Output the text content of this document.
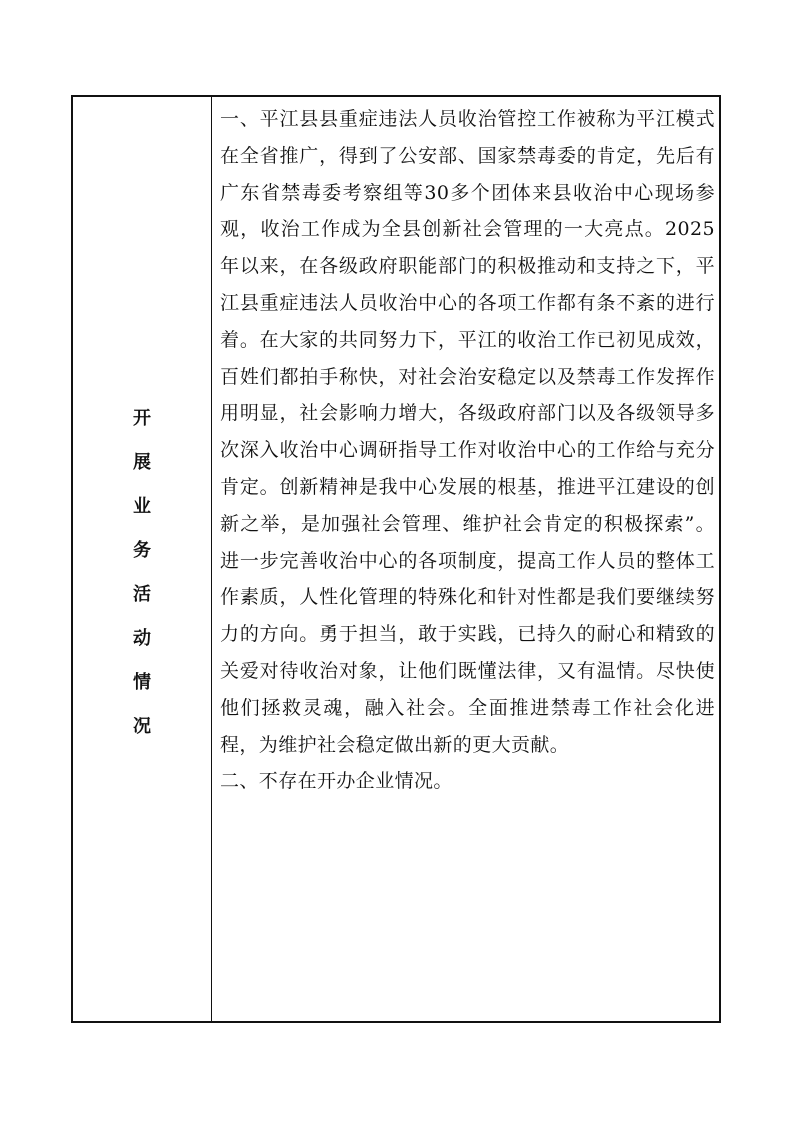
开
展
业
务
活
动
情
况

一、平江县县重症违法人员收治管控工作被称为平江模式在全省推广，得到了公安部、国家禁毒委的肯定，先后有广东省禁毒委考察组等30多个团体来县收治中心现场参观，收治工作成为全县创新社会管理的一大亮点。2025年以来，在各级政府职能部门的积极推动和支持之下，平江县重症违法人员收治中心的各项工作都有条不紊的进行着。在大家的共同努力下，平江的收治工作已初见成效，百姓们都拍手称快，对社会治安稳定以及禁毒工作发挥作用明显，社会影响力增大，各级政府部门以及各级领导多次深入收治中心调研指导工作对收治中心的工作给与充分肯定。创新精神是我中心发展的根基，推进平江建设的创新之举，是加强社会管理、维护社会肯定的积极探索”。进一步完善收治中心的各项制度，提高工作人员的整体工作素质，人性化管理的特殊化和针对性都是我们要继续努力的方向。勇于担当，敢于实践，已持久的耐心和精致的关爱对待收治对象，让他们既懂法律，又有温情。尽快使他们拯救灵魂，融入社会。全面推进禁毒工作社会化进程，为维护社会稳定做出新的更大贡献。

二、不存在开办企业情况。
